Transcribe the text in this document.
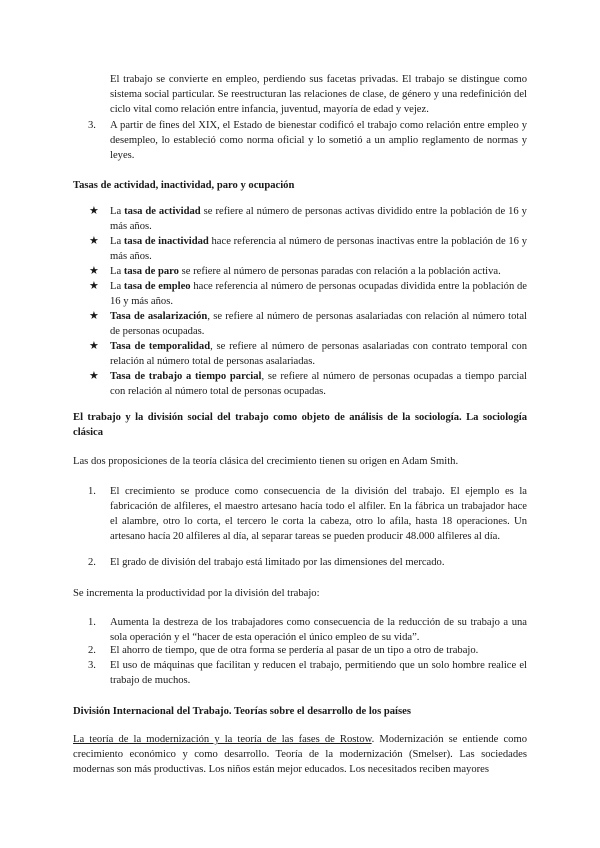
El trabajo se convierte en empleo, perdiendo sus facetas privadas. El trabajo se distingue como sistema social particular. Se reestructuran las relaciones de clase, de género y una redefinición del ciclo vital como relación entre infancia, juventud, mayoría de edad y vejez.

3.	A partir de fines del XIX, el Estado de bienestar codificó el trabajo como relación entre empleo y desempleo, lo estableció como norma oficial y lo sometió a un amplio reglamento de normas y leyes.

Tasas de actividad, inactividad, paro y ocupación

★ La tasa de actividad se refiere al número de personas activas dividido entre la población de 16 y más años.

★ La tasa de inactividad hace referencia al número de personas inactivas entre la población de 16 y más años.

★ La tasa de paro se refiere al número de personas paradas con relación a la población activa.

★ La tasa de empleo hace referencia al número de personas ocupadas dividida entre la población de 16 y más años.

★ Tasa de asalarización, se refiere al número de personas asalariadas con relación al número total de personas ocupadas.

★ Tasa de temporalidad, se refiere al número de personas asalariadas con contrato temporal con relación al número total de personas asalariadas.

★ Tasa de trabajo a tiempo parcial, se refiere al número de personas ocupadas a tiempo parcial con relación al número total de personas ocupadas.

El trabajo y la división social del trabajo como objeto de análisis de la sociología. La sociología clásica

Las dos proposiciones de la teoría clásica del crecimiento tienen su origen en Adam Smith.

1.	El crecimiento se produce como consecuencia de la división del trabajo. El ejemplo es la fabricación de alfileres, el maestro artesano hacía todo el alfiler. En la fábrica un trabajador hace el alambre, otro lo corta, el tercero le corta la cabeza, otro lo afila, hasta 18 operaciones. Un artesano hacía 20 alfileres al día, al separar tareas se pueden producir 48.000 alfileres al día.

2.	El grado de división del trabajo está limitado por las dimensiones del mercado.

Se incrementa la productividad por la división del trabajo:

1.	Aumenta la destreza de los trabajadores como consecuencia de la reducción de su trabajo a una sola operación y el “hacer de esta operación el único empleo de su vida”.

2.	El ahorro de tiempo, que de otra forma se perdería al pasar de un tipo a otro de trabajo.

3.	El uso de máquinas que facilitan y reducen el trabajo, permitiendo que un solo hombre realice el trabajo de muchos.

División Internacional del Trabajo. Teorías sobre el desarrollo de los países

La teoría de la modernización y la teoría de las fases de Rostow. Modernización se entiende como crecimiento económico y como desarrollo. Teoría de la modernización (Smelser). Las sociedades modernas son más productivas. Los niños están mejor educados. Los necesitados reciben mayores
